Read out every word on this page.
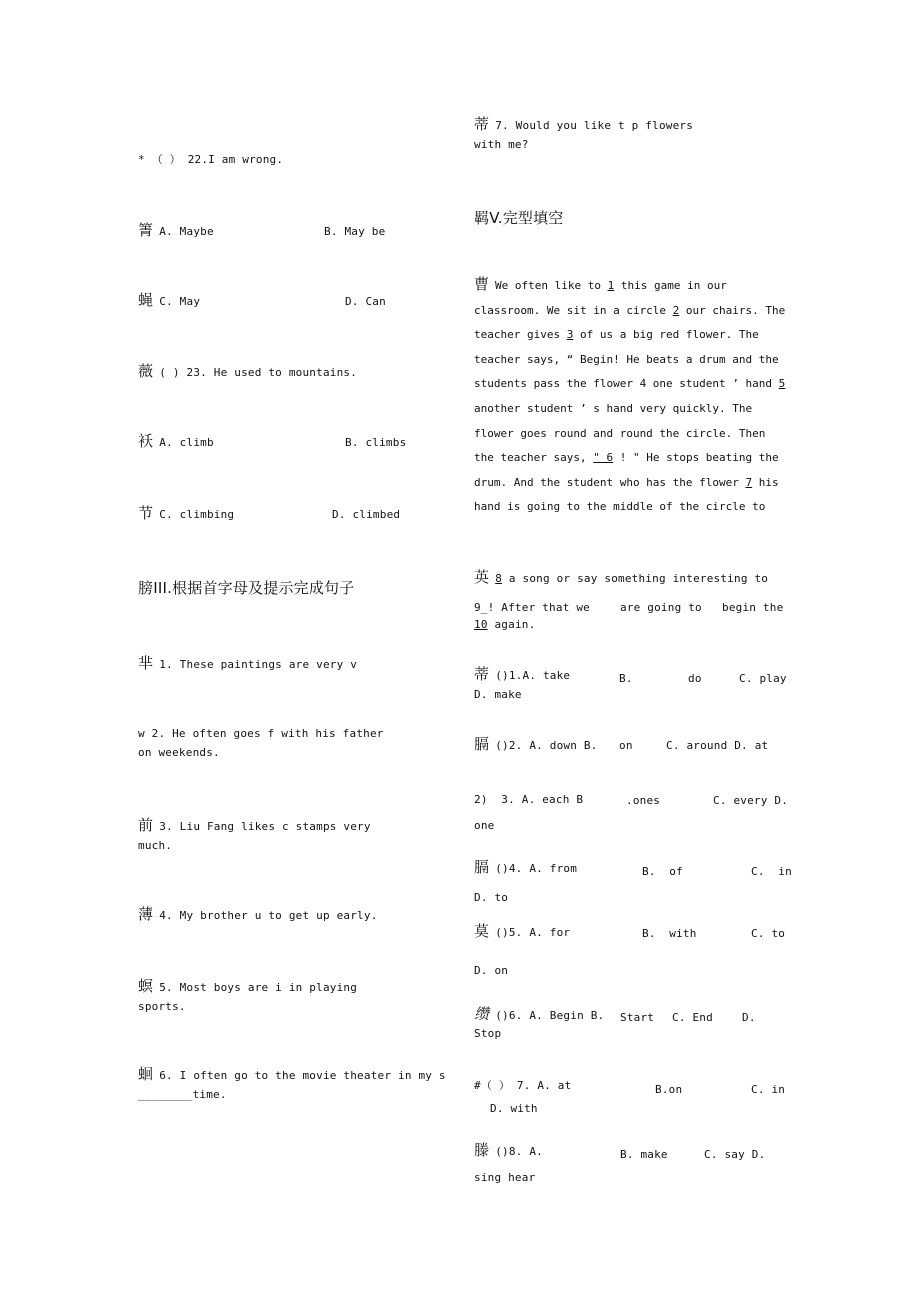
* （ ） 22.I am wrong.
箐 A. Maybe	B. May be
蝇 C. May	D. Can
薇 ( ) 23. He used to mountains.
袄 A. climb	B. climbs
节 C. climbing	D. climbed
膀III.根据首字母及提示完成句子
芈 1. These paintings are very v
w 2. He often goes f with his father
on weekends.
前 3. Liu Fang likes c stamps very
much.
薄 4. My brother u to get up early.
螟 5. Most boys are i in playing
sports.
蛔 6. I often go to the movie theater in my s
________time.
蒂 7. Would you like t p flowers
with me?
羁V.完型填空
曹 We often like to 1 this game in our classroom. We sit in a circle 2 our chairs. The teacher gives 3 of us a big red flower. The teacher says, “ Begin! He beats a drum and the students pass the flower 4 one student ’ hand 5 another student ’ s hand very quickly. The flower goes round and round the circle. Then the teacher says, " 6 ! " He stops beating the drum. And the student who has the flower 7 his hand is going to the middle of the circle to
英 8 a song or say something interesting to
9_! After that we	are going to begin the
10 again.
蒂 ()1.A. take	B.	do	C. play
D. make
膈 ()2. A. down B. on	C. around D. at
2)  3. A. each B	.ones	C. every D.
one
膈 ()4. A. from	B.  of	C.  in
D. to
莫 ()5. A. for	B.  with	C. to
D. on
缵 ()6. A. Begin B. Start C. End	D.
Stop
#（ ） 7. A. at	B.on	C. in
D. with
滕 ()8. A.	B. make	C. say D.
sing hear
